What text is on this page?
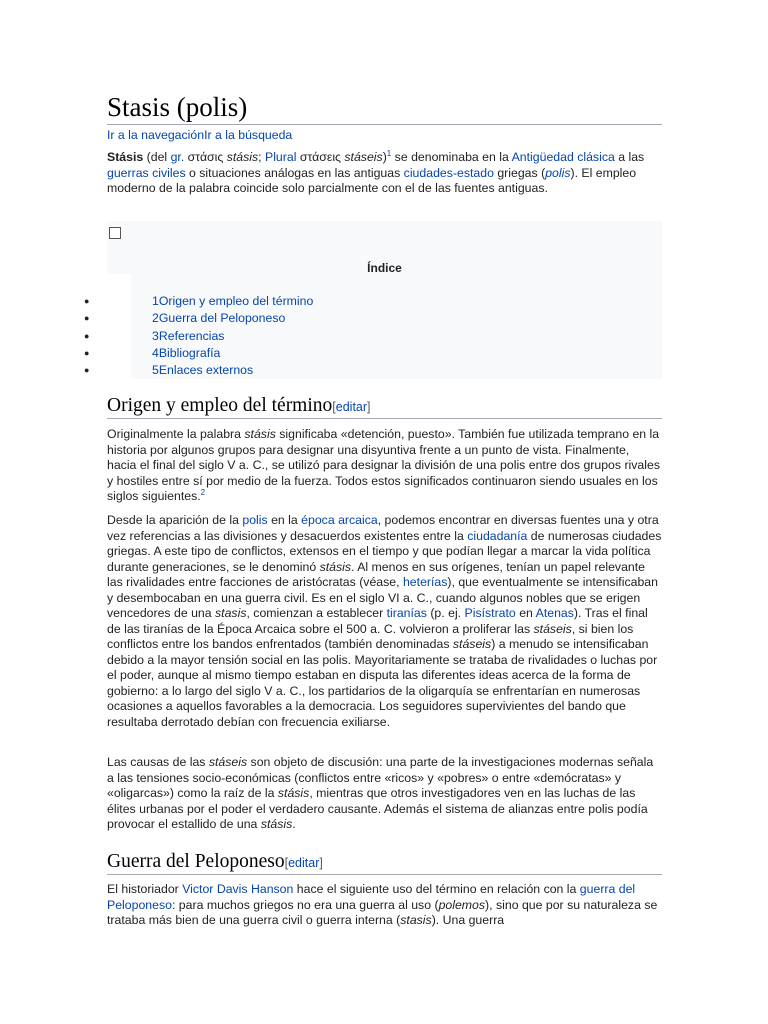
Stasis (polis)
Ir a la navegaciónIr a la búsqueda

Stásis (del gr. στάσις stásis; Plural στάσεις stáseis)$^1$ se denominaba en la Antigüedad clásica a las guerras civiles o situaciones análogas en las antiguas ciudades-estado griegas (polis). El empleo moderno de la palabra coincide solo parcialmente con el de las fuentes antiguas.

Índice
●	1Origen y empleo del término
●	2Guerra del Peloponeso
●	3Referencias
●	4Bibliografía
●	5Enlaces externos
Origen y empleo del término[editar]

Originalmente la palabra stásis significaba «detención, puesto». También fue utilizada temprano en la historia por algunos grupos para designar una disyuntiva frente a un punto de vista. Finalmente, hacia el final del siglo V a. C., se utilizó para designar la división de una polis entre dos grupos rivales y hostiles entre sí por medio de la fuerza. Todos estos significados continuaron siendo usuales en los siglos siguientes.$^2$

Desde la aparición de la polis en la época arcaica, podemos encontrar en diversas fuentes una y otra vez referencias a las divisiones y desacuerdos existentes entre la ciudadanía de numerosas ciudades griegas. A este tipo de conflictos, extensos en el tiempo y que podían llegar a marcar la vida política durante generaciones, se le denominó stásis. Al menos en sus orígenes, tenían un papel relevante las rivalidades entre facciones de aristócratas (véase, heterías), que eventualmente se intensificaban y desembocaban en una guerra civil. Es en el siglo VI a. C., cuando algunos nobles que se erigen vencedores de una stasis, comienzan a establecer tiranías (p. ej. Pisístrato en Atenas). Tras el final de las tiranías de la Época Arcaica sobre el 500 a. C. volvieron a proliferar las stáseis, si bien los conflictos entre los bandos enfrentados (también denominadas stáseis) a menudo se intensificaban debido a la mayor tensión social en las polis. Mayoritariamente se trataba de rivalidades o luchas por el poder, aunque al mismo tiempo estaban en disputa las diferentes ideas acerca de la forma de gobierno: a lo largo del siglo V a. C., los partidarios de la oligarquía se enfrentarían en numerosas ocasiones a aquellos favorables a la democracia. Los seguidores supervivientes del bando que resultaba derrotado debían con frecuencia exiliarse.

Las causas de las stáseis son objeto de discusión: una parte de la investigaciones modernas señala a las tensiones socio-económicas (conflictos entre «ricos» y «pobres» o entre «demócratas» y «oligarcas») como la raíz de la stásis, mientras que otros investigadores ven en las luchas de las élites urbanas por el poder el verdadero causante. Además el sistema de alianzas entre polis podía provocar el estallido de una stásis.

Guerra del Peloponeso[editar]

El historiador Victor Davis Hanson hace el siguiente uso del término en relación con la guerra del Peloponeso: para muchos griegos no era una guerra al uso (polemos), sino que por su naturaleza se trataba más bien de una guerra civil o guerra interna (stasis). Una guerra
